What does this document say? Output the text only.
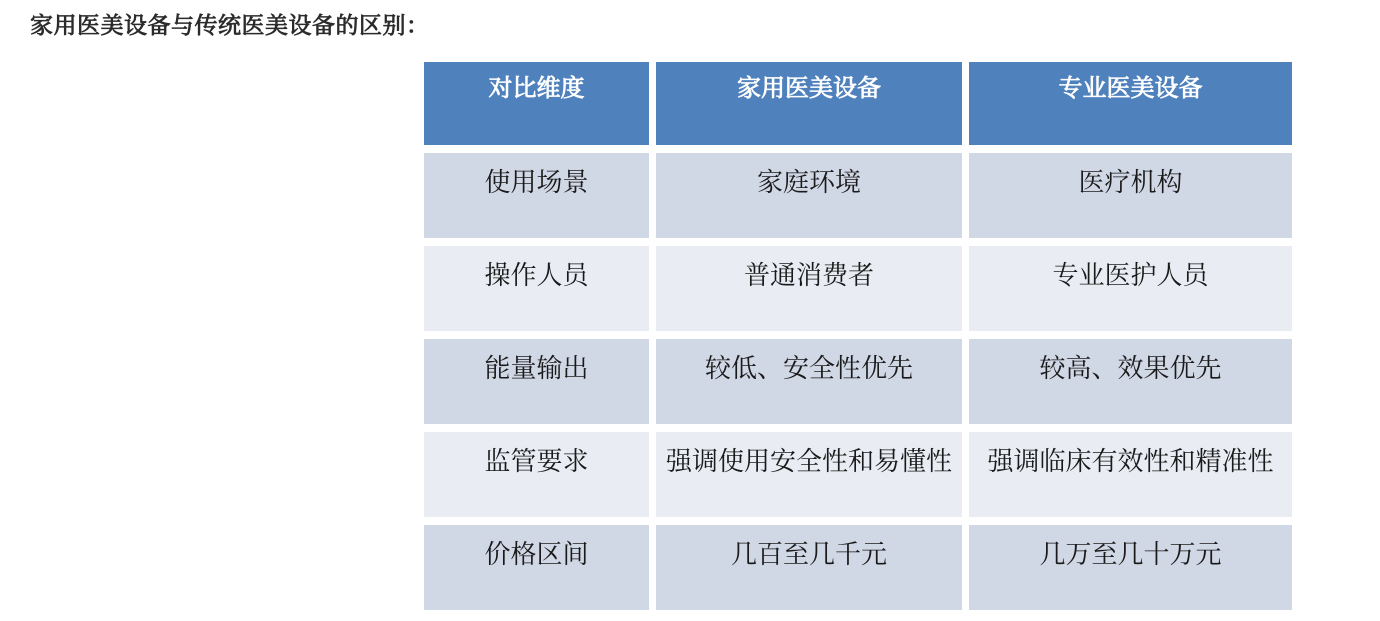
家用医美设备与传统医美设备的区别：
对比维度	家用医美设备	专业医美设备
使用场景	家庭环境	医疗机构
操作人员	普通消费者	专业医护人员
能量输出	较低、安全性优先	较高、效果优先
监管要求	强调使用安全性和易懂性	强调临床有效性和精准性
价格区间	几百至几千元	几万至几十万元
